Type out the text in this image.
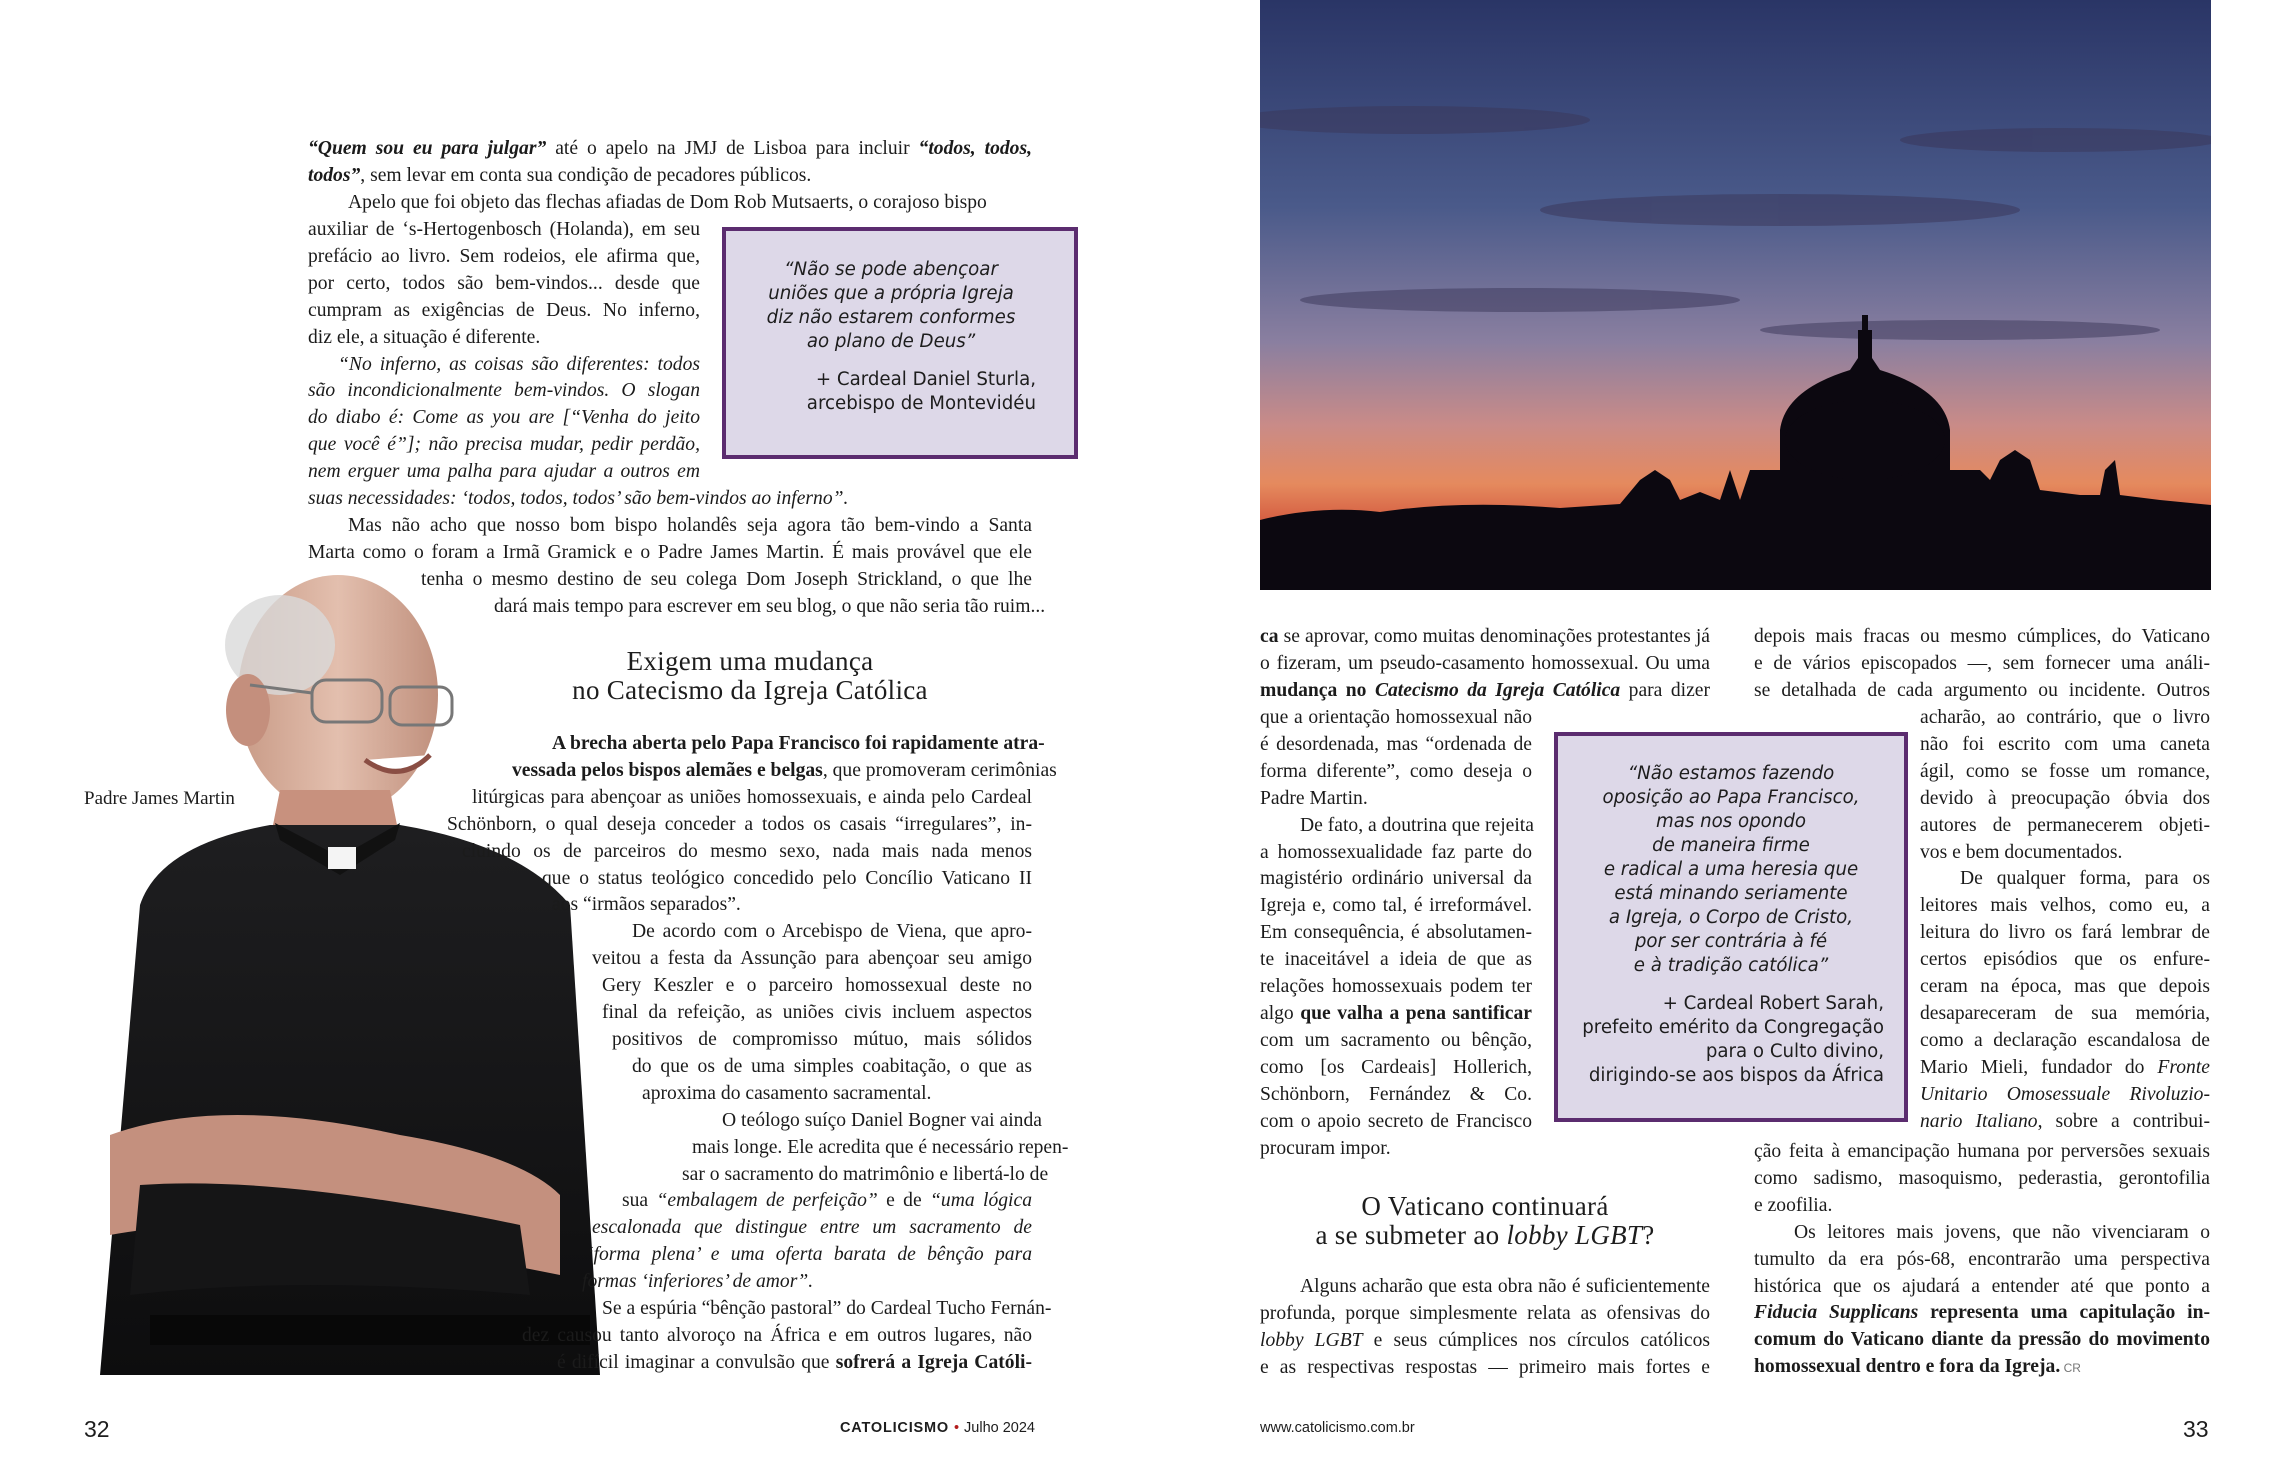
“Quem sou eu para julgar” até o apelo na JMJ de Lisboa para incluir “todos, todos, todos”, sem levar em conta sua condição de pecadores públicos.

Apelo que foi objeto das flechas afiadas de Dom Rob Mutsaerts, o corajoso bispo

auxiliar de ‘s-Hertogenbosch (Holanda), em seu
prefácio ao livro. Sem rodeios, ele afirma que,
por certo, todos são bem-vindos... desde que
cumpram as exigências de Deus. No inferno,
diz ele, a situação é diferente.
“No inferno, as coisas são diferentes: todos
são incondicionalmente bem-vindos. O slogan
do diabo é: Come as you are [“Venha do jeito
que você é”]; não precisa mudar, pedir perdão,
nem erguer uma palha para ajudar a outros em
suas necessidades: ‘todos, todos, todos’ são bem-vindos ao inferno”.
“Não se pode abençoar
uniões que a própria Igreja
diz não estarem conformes
ao plano de Deus”
+ Cardeal Daniel Sturla,
arcebispo de Montevidéu
Mas não acho que nosso bom bispo holandês seja agora tão bem-vindo a Santa
Marta como o foram a Irmã Gramick e o Padre James Martin. É mais provável que ele
tenha o mesmo destino de seu colega Dom Joseph Strickland, o que lhe
dará mais tempo para escrever em seu blog, o que não seria tão ruim...
Exigem uma mudança
no Catecismo da Igreja Católica
Padre James Martin
A brecha aberta pelo Papa Francisco foi rapidamente atra-
vessada pelos bispos alemães e belgas, que promoveram cerimônias
litúrgicas para abençoar as uniões homossexuais, e ainda pelo Cardeal
Schönborn, o qual deseja conceder a todos os casais “irregulares”, in-
cluindo os de parceiros do mesmo sexo, nada mais nada menos
que o status teológico concedido pelo Concílio Vaticano II
aos “irmãos separados”.
De acordo com o Arcebispo de Viena, que apro-
veitou a festa da Assunção para abençoar seu amigo
Gery Keszler e o parceiro homossexual deste no
final da refeição, as uniões civis incluem aspectos
positivos de compromisso mútuo, mais sólidos
do que os de uma simples coabitação, o que as
aproxima do casamento sacramental.
O teólogo suíço Daniel Bogner vai ainda
mais longe. Ele acredita que é necessário repen-
sar o sacramento do matrimônio e libertá-lo de
sua “embalagem de perfeição” e de “uma lógica
escalonada que distingue entre um sacramento de
‘forma plena’ e uma oferta barata de bênção para
formas ‘inferiores’ de amor”.
Se a espúria “bênção pastoral” do Cardeal Tucho Fernán-
dez causou tanto alvoroço na África e em outros lugares, não
é difícil imaginar a convulsão que sofrerá a Igreja Católi-
32	CATOLICISMO • Julho 2024
ca se aprovar, como muitas denominações protestantes já
o fizeram, um pseudo-casamento homossexual. Ou uma
mudança no Catecismo da Igreja Católica para dizer
que a orientação homossexual não
é desordenada, mas “ordenada de
forma diferente”, como deseja o
Padre Martin.
De fato, a doutrina que rejeita
a homossexualidade faz parte do
magistério ordinário universal da
Igreja e, como tal, é irreformável.
Em consequência, é absolutamen-
te inaceitável a ideia de que as
relações homossexuais podem ter
algo que valha a pena santificar
com um sacramento ou bênção,
como [os Cardeais] Hollerich,
Schönborn, Fernández & Co.
com o apoio secreto de Francisco
procuram impor.
O Vaticano continuará
a se submeter ao lobby LGBT?
Alguns acharão que esta obra não é suficientemente
profunda, porque simplesmente relata as ofensivas do
lobby LGBT e seus cúmplices nos círculos católicos
e as respectivas respostas — primeiro mais fortes e
depois mais fracas ou mesmo cúmplices, do Vaticano
e de vários episcopados —, sem fornecer uma análi-
se detalhada de cada argumento ou incidente. Outros
acharão, ao contrário, que o livro
não foi escrito com uma caneta
ágil, como se fosse um romance,
devido à preocupação óbvia dos
autores de permanecerem objeti-
vos e bem documentados.
De qualquer forma, para os
leitores mais velhos, como eu, a
leitura do livro os fará lembrar de
certos episódios que os enfure-
ceram na época, mas que depois
desapareceram de sua memória,
como a declaração escandalosa de
Mario Mieli, fundador do Fronte
Unitario Omosessuale Rivoluzio-
nario Italiano, sobre a contribui-
ção feita à emancipação humana por perversões sexuais
como sadismo, masoquismo, pederastia, gerontofilia
e zoofilia.
Os leitores mais jovens, que não vivenciaram o
tumulto da era pós-68, encontrarão uma perspectiva
histórica que os ajudará a entender até que ponto a
Fiducia Supplicans representa uma capitulação in-
comum do Vaticano diante da pressão do movimento
homossexual dentro e fora da Igreja. CR
“Não estamos fazendo
oposição ao Papa Francisco,
mas nos opondo
de maneira firme
e radical a uma heresia que
está minando seriamente
a Igreja, o Corpo de Cristo,
por ser contrária à fé
e à tradição católica”
+ Cardeal Robert Sarah,
prefeito emérito da Congregação
para o Culto divino,
dirigindo-se aos bispos da África
www.catolicismo.com.br	33
